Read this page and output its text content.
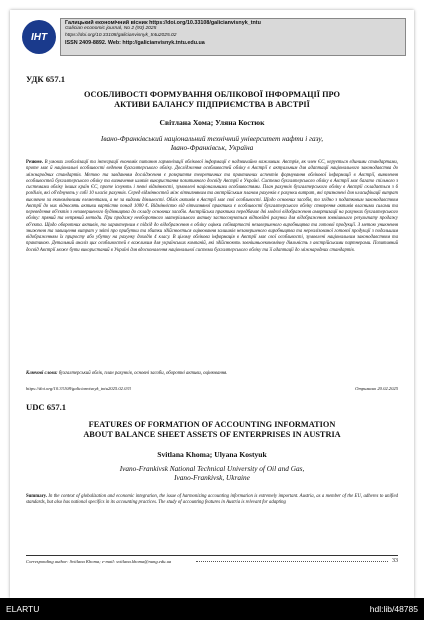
ІНТ
Галицький економічний вісник https://doi.org/10.33108/galicianvisnyk_tntu
Galician economic journal, No 2 (93) 2025
https://doi.org/10.33108/galicianvisnyk_tntu2025.02
ISSN 2409-8892. Web: http://galicianvisnyk.tntu.edu.ua
УДК 657.1
ОСОБЛИВОСТІ ФОРМУВАННЯ ОБЛІКОВОЇ ІНФОРМАЦІЇ ПРО
АКТИВИ БАЛАНСУ ПІДПРИЄМСТВА В АВСТРІЇ
Світлана Хома; Уляна Костюк
Івано-Франківський національний технічний університет нафти і газу,
Івано-Франківськ, Україна
Резюме. В умовах глобалізації та інтеграції економік питання гармонізації облікової інформації є надзвичайно важливим. Австрія, як член ЄС, керується єдиними стандартами, проте має й національні особливості ведення бухгалтерського обліку. Дослідження особливостей обліку в Австрії є актуальним для адаптації національного законодавства до міжнародних стандартів. Метою та завданням дослідження є розкриття теоретичних та практичних аспектів формування облікової інформації в Австрії, виявлення особливостей бухгалтерського обліку та визначення шляхів використання позитивного досвіду Австрії в Україні. Система бухгалтерського обліку в Австрії має багато спільного з системами обліку інших країн ЄС, проте існують і певні відмінності, зумовлені національними особливостями. План рахунків бухгалтерського обліку в Австрії складається з 6 розділів, які об'єднують у собі 10 класів рахунків. Серед відмінностей між вітчизняним та австрійським планом рахунків є рахунки витрат, які призначені для класифікації витрат виключно за економічними елементами, а не за видами діяльності. Облік активів в Австрії має свої особливості. Щодо основних засобів, то згідно з податковим законодавством Австрії до них відносять активи вартістю понад 1000 €. Відмінністю від вітчизняної практики є особливості бухгалтерського обліку створення активів власними силами та переведення об'єктів з незавершеного будівництва до складу основних засобів. Австрійська практика передбачає дві моделі відображення амортизації на рахунках бухгалтерського обліку: пряний та непряний методи. При продажу необоротного матеріального активу застосовуються відповідні рахунки для відображення зовнішнього результату продажу об'єкта. Щодо оборотних активів, то характерним є підхід до відображення в обліку оцінки собівартості незавершеного виробництва та готової продукції. З метою уникнення зниження та завищення витрат у звіті про прибутки та збитки здійснюється оцінювання залишків незавершеного виробництва та нереалізованої готової продукції з подальшим відображенням їх приросту або убутку на рахунку доходів 4 класу. В цілому облікова інформація в Австрії має свої особливості, зумовлені національним законодавством та практикою. Детальний аналіз цих особливостей є важливим для українських компаній, які здійснюють зовнішньоекономічну діяльність з австрійськими партнерами. Позитивний досвід Австрії може бути використаний в Україні для вдосконалення національної системи бухгалтерського обліку та її адаптації до міжнародних стандартів.
Ключові слова: бухгалтерський облік, план рахунків, основні засоби, оборотні активи, оцінювання.
https://doi.org/10.33108/galicianvisnyk_tntu2025.02.033	Отримано 20.02.2025
UDC 657.1
FEATURES OF FORMATION OF ACCOUNTING INFORMATION
ABOUT BALANCE SHEET ASSETS OF ENTERPRISES IN AUSTRIA
Svitlana Khoma; Ulyana Kostyuk
Ivano-Frankivsk National Technical University of Oil and Gas,
Ivano-Frankivsk, Ukraine
Summary. In the context of globalization and economic integration, the issue of harmonizing accounting information is extremely important. Austria, as a member of the EU, adheres to unified standards, but also has national specifics in its accounting practices. The study of accounting features in Austria is relevant for adapting
Corresponding author: Svitlana Khoma; e-mail: svitlana.khoma@nung.edu.ua	33
ELARTU	hdl:lib/48785
